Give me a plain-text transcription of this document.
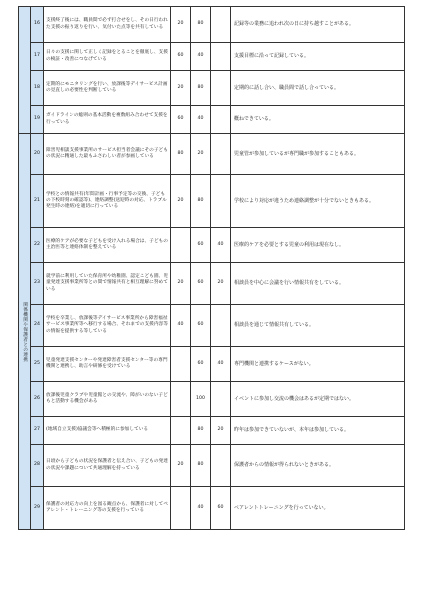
	16	支援終了後には、職員間で必ず打合せをし、その日行われた支援の振り返りを行い、気付いた点等を共有している	20	80		記録等の業務に追われ次の日に持ち越すことがある。
	17	日々の支援に関して正しく記録をとることを徹底し、支援の検証・改善につなげている	60	40		支援目標に沿って記録している。
	18	定期的にモニタリングを行い、放課後等デイサービス計画の見直しの必要性を判断している	20	80		定期的に話し合い、職員間で話し合っている。
	19	ガイドラインの総則の基本活動を複数組み合わせて支援を行っている	60	40		概ねできている。
関係機関や保護者との連携	20	障害児相談支援事業所のサービス担当者会議にその子どもの状況に精通した最もふさわしい者が参画している	80	20		児童管が参加しているが専門職が参加することもある。
	21	学校との情報共有(年間計画・行事予定等の交換、子どもの下校時刻の確認等)、連絡調整(送迎時の対応、トラブル発生時の連絡)を適切に行っている	20	80		学校により対応が違うため連絡調整が十分でないときもある。
	22	医療的ケアが必要な子どもを受け入れる場合は、子どもの主治医等と連絡体制を整えている		60	40	医療的ケアを必要とする児童の利用は現在なし。
	23	就学前に利用していた保育所や幼稚園、認定こども園、児童発達支援事業所等との間で情報共有と相互理解に努めている	20	60	20	相談員を中心に会議を行い情報共有をしている。
	24	学校を卒業し、放課後等デイサービス事業所から障害福祉サービス事業所等へ移行する場合、それまでの支援内容等の情報を提供する等している	40	60		相談員を通じて情報共有している。
	25	児童発達支援センターや発達障害者支援センター等の専門機関と連携し、助言や研修を受けている		60	40	専門機関と連携するケースがない。
	26	放課後児童クラブや児童館との交流や、障がいのない子どもと活動する機会がある		100		イベントに参加し交流の機会はあるが定期ではない。
	27	(地域自立支援)協議会等へ積極的に参加している		80	20	昨年は参加できていないが、本年は参加している。
	28	日頃から子どもの状況を保護者と伝え合い、子どもの発達の状況や課題について共通理解を持っている	20	80		保護者からの情報が得られないときがある。
	29	保護者の対応力の向上を図る観点から、保護者に対してペアレント・トレーニング等の支援を行っている		40	60	ペアレントトレーニングを行っていない。
